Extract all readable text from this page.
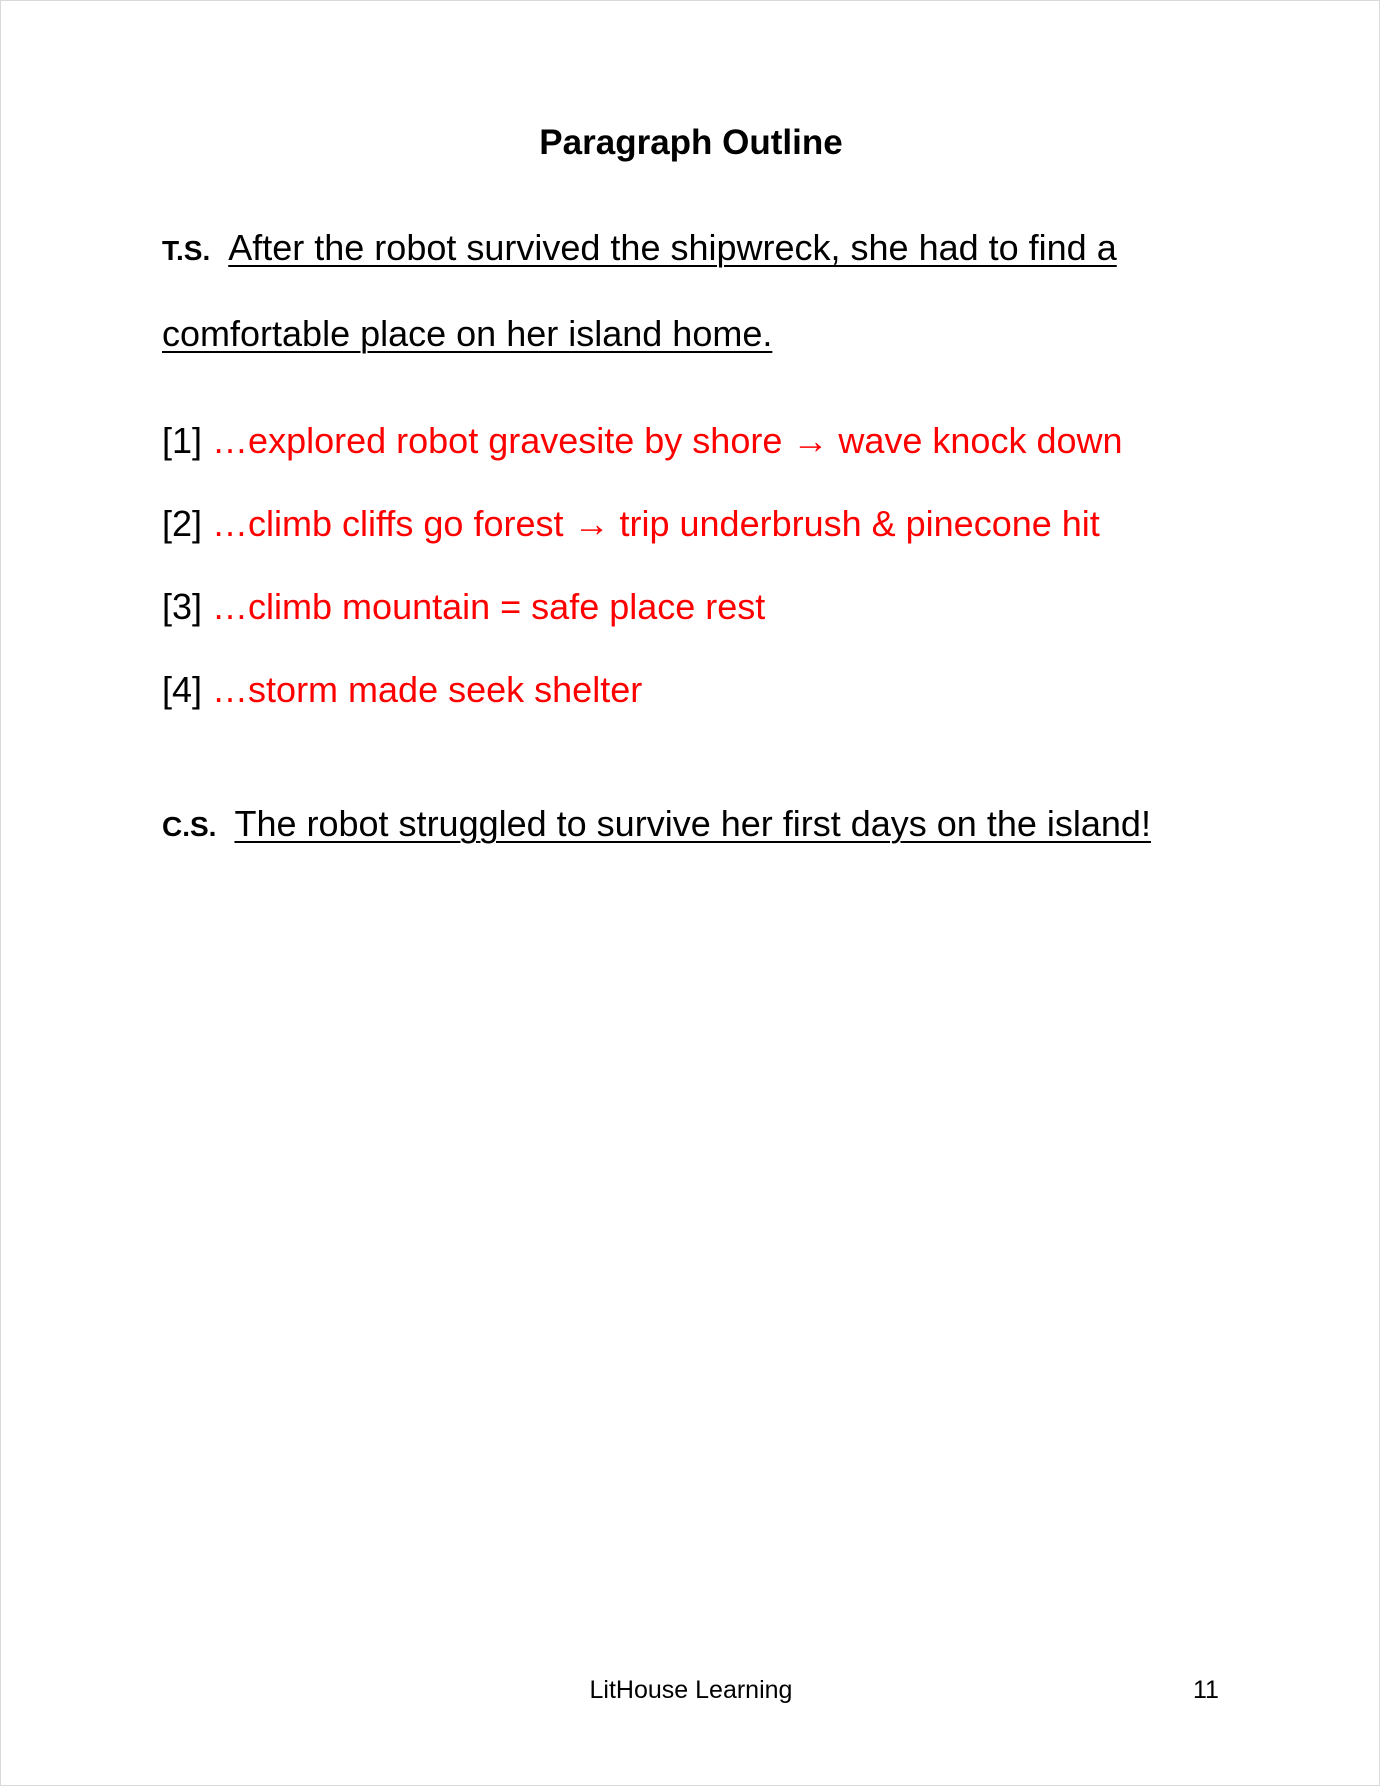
Paragraph Outline
T.S. After the robot survived the shipwreck, she had to find a comfortable place on her island home.
[1] …explored robot gravesite by shore → wave knock down
[2] …climb cliffs go forest → trip underbrush & pinecone hit
[3] …climb mountain = safe place rest
[4] …storm made seek shelter
C.S. The robot struggled to survive her first days on the island!
LitHouse Learning	11
